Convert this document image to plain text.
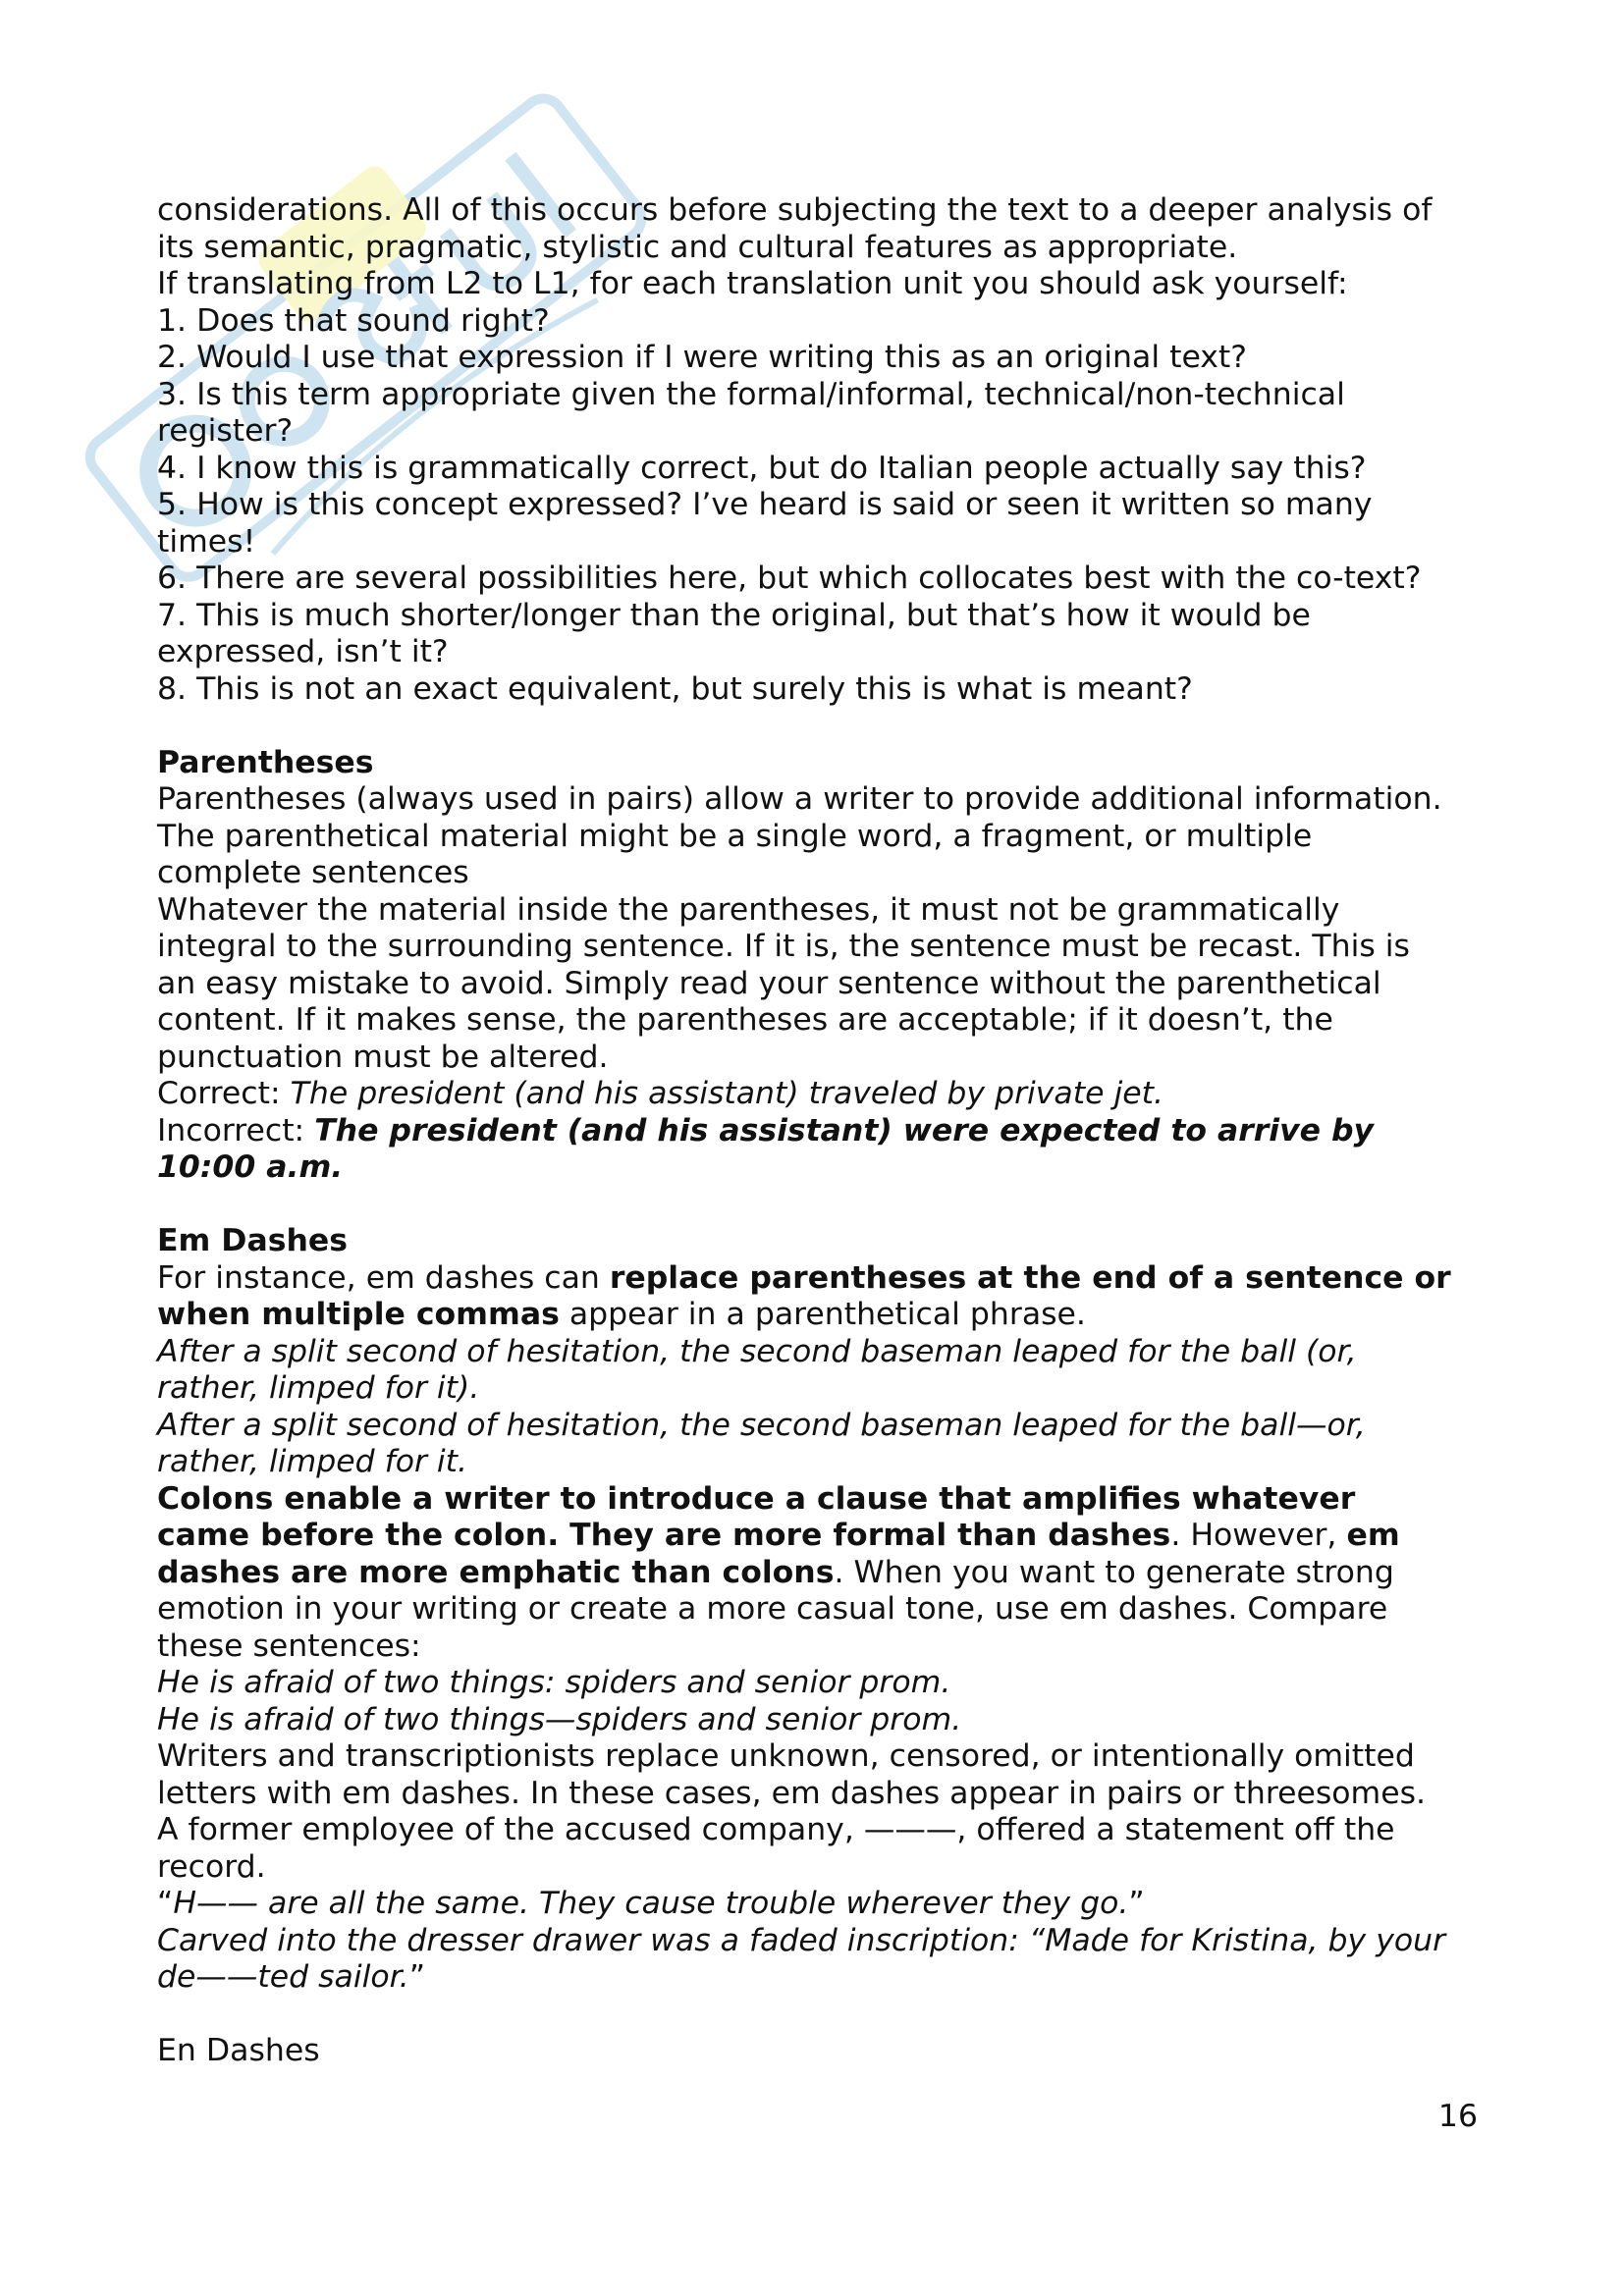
considerations. All of this occurs before subjecting the text to a deeper analysis of
its semantic, pragmatic, stylistic and cultural features as appropriate.
If translating from L2 to L1, for each translation unit you should ask yourself:
1. Does that sound right?
2. Would I use that expression if I were writing this as an original text?
3. Is this term appropriate given the formal/informal, technical/non-technical
register?
4. I know this is grammatically correct, but do Italian people actually say this?
5. How is this concept expressed? I’ve heard is said or seen it written so many
times!
6. There are several possibilities here, but which collocates best with the co-text?
7. This is much shorter/longer than the original, but that’s how it would be
expressed, isn’t it?
8. This is not an exact equivalent, but surely this is what is meant?
Parentheses
Parentheses (always used in pairs) allow a writer to provide additional information.
The parenthetical material might be a single word, a fragment, or multiple
complete sentences
Whatever the material inside the parentheses, it must not be grammatically
integral to the surrounding sentence. If it is, the sentence must be recast. This is
an easy mistake to avoid. Simply read your sentence without the parenthetical
content. If it makes sense, the parentheses are acceptable; if it doesn’t, the
punctuation must be altered.
Correct: The president (and his assistant) traveled by private jet.
Incorrect: The president (and his assistant) were expected to arrive by
10:00 a.m.
Em Dashes
For instance, em dashes can replace parentheses at the end of a sentence or
when multiple commas appear in a parenthetical phrase.
After a split second of hesitation, the second baseman leaped for the ball (or,
rather, limped for it).
After a split second of hesitation, the second baseman leaped for the ball—or,
rather, limped for it.
Colons enable a writer to introduce a clause that amplifies whatever
came before the colon. They are more formal than dashes. However, em
dashes are more emphatic than colons. When you want to generate strong
emotion in your writing or create a more casual tone, use em dashes. Compare
these sentences:
He is afraid of two things: spiders and senior prom.
He is afraid of two things—spiders and senior prom.
Writers and transcriptionists replace unknown, censored, or intentionally omitted
letters with em dashes. In these cases, em dashes appear in pairs or threesomes.
A former employee of the accused company, ———, offered a statement off the
record.
“H—— are all the same. They cause trouble wherever they go.”
Carved into the dresser drawer was a faded inscription: “Made for Kristina, by your
de——ted sailor.”
En Dashes
16
